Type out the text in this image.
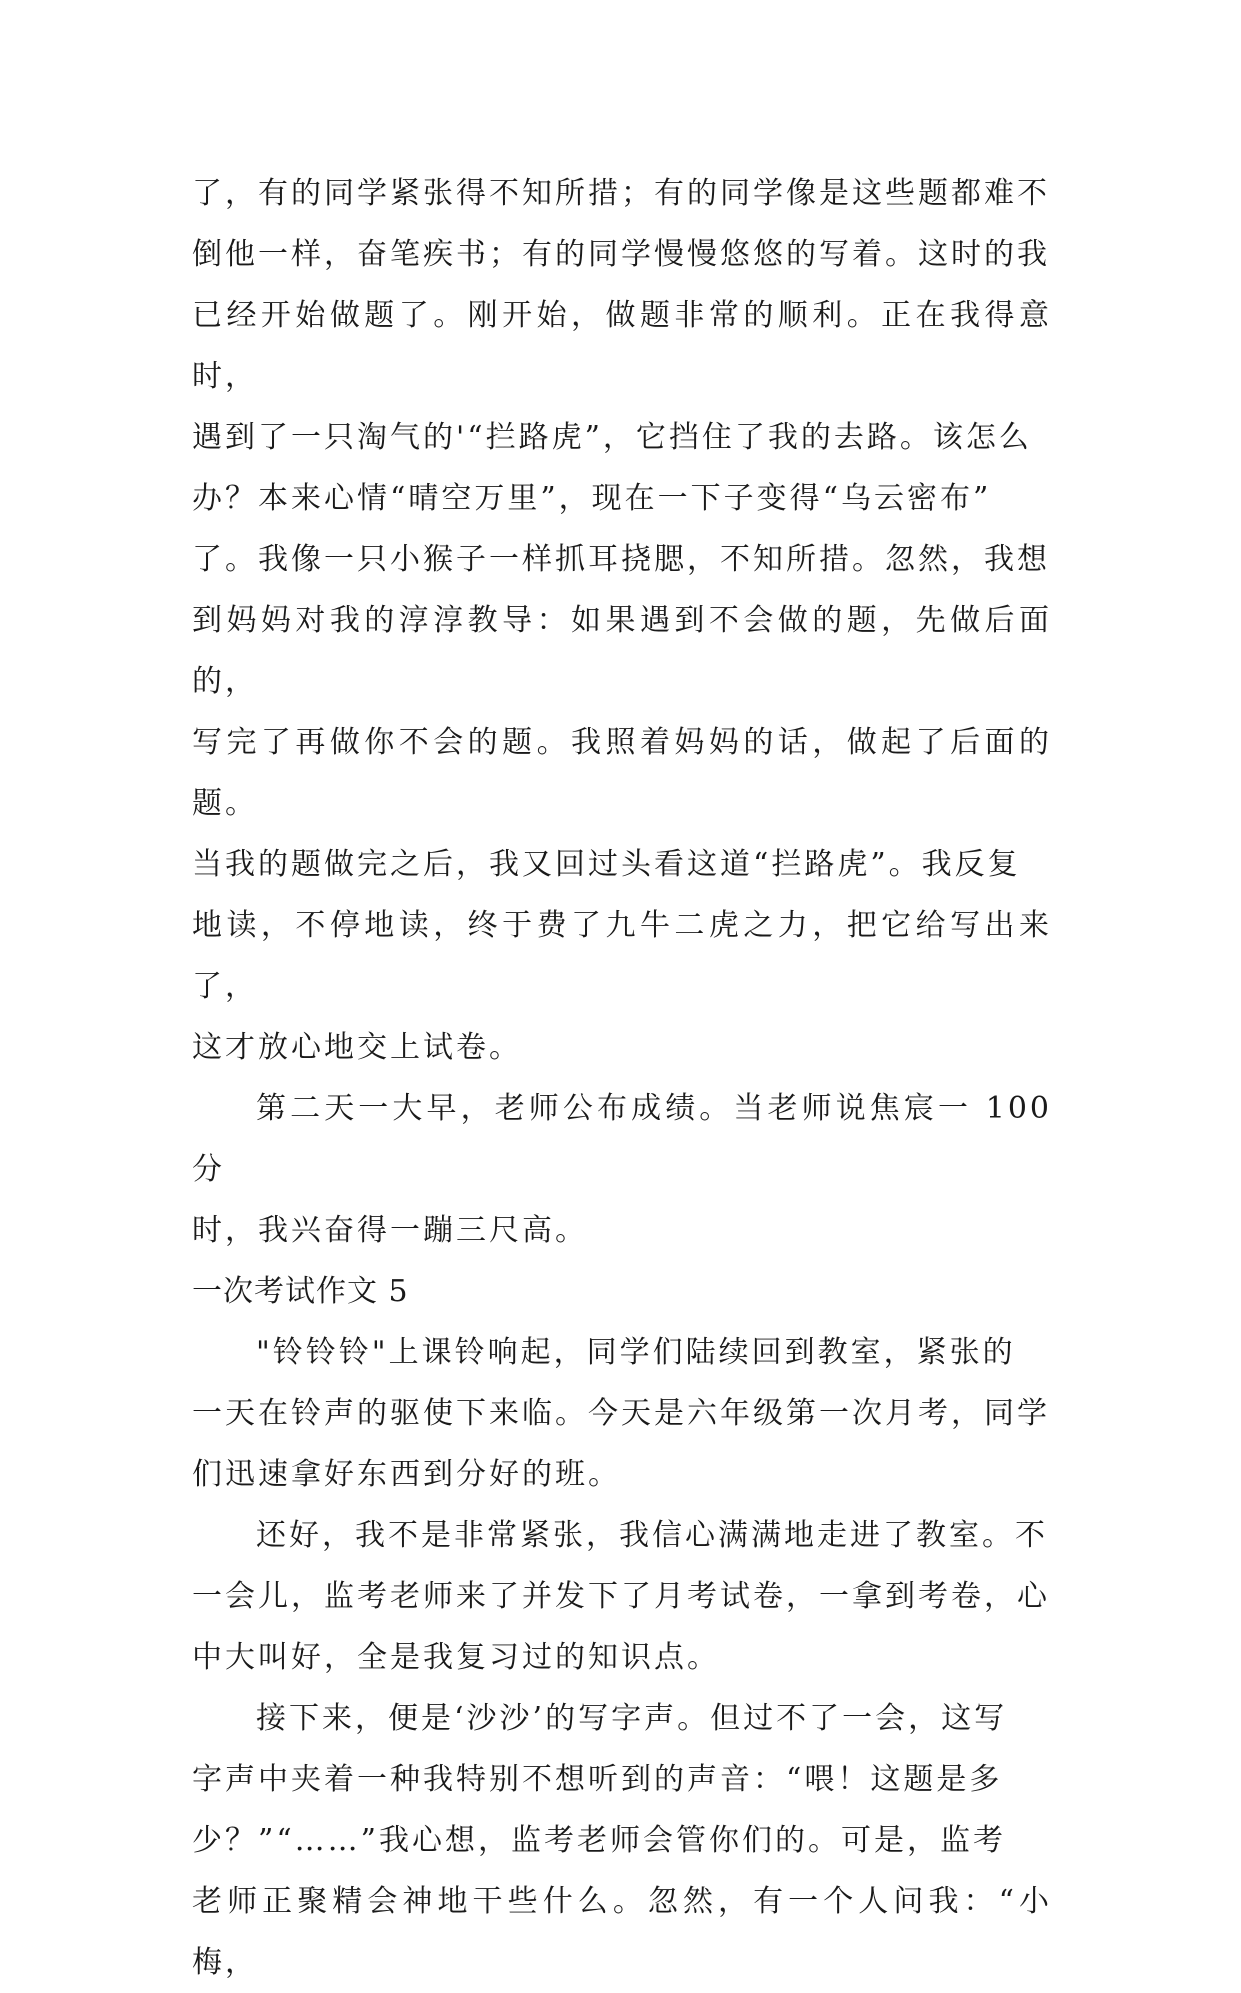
了，有的同学紧张得不知所措；有的同学像是这些题都难不
倒他一样，奋笔疾书；有的同学慢慢悠悠的写着。这时的我
已经开始做题了。刚开始，做题非常的顺利。正在我得意时，
遇到了一只淘气的'“拦路虎”，它挡住了我的去路。该怎么
办？本来心情“晴空万里”，现在一下子变得“乌云密布”
了。我像一只小猴子一样抓耳挠腮，不知所措。忽然，我想
到妈妈对我的淳淳教导：如果遇到不会做的题，先做后面的，
写完了再做你不会的题。我照着妈妈的话，做起了后面的题。
当我的题做完之后，我又回过头看这道“拦路虎”。我反复
地读，不停地读，终于费了九牛二虎之力，把它给写出来了，
这才放心地交上试卷。

第二天一大早，老师公布成绩。当老师说焦宸一 100 分
时，我兴奋得一蹦三尺高。

一次考试作文 5

"铃铃铃"上课铃响起，同学们陆续回到教室，紧张的
一天在铃声的驱使下来临。今天是六年级第一次月考，同学
们迅速拿好东西到分好的班。

还好，我不是非常紧张，我信心满满地走进了教室。不
一会儿，监考老师来了并发下了月考试卷，一拿到考卷，心
中大叫好，全是我复习过的知识点。

接下来，便是‘沙沙’的写字声。但过不了一会，这写
字声中夹着一种我特别不想听到的声音：“喂！这题是多
少？”“……”我心想，监考老师会管你们的。可是，监考
老师正聚精会神地干些什么。忽然，有一个人问我：“小梅，
